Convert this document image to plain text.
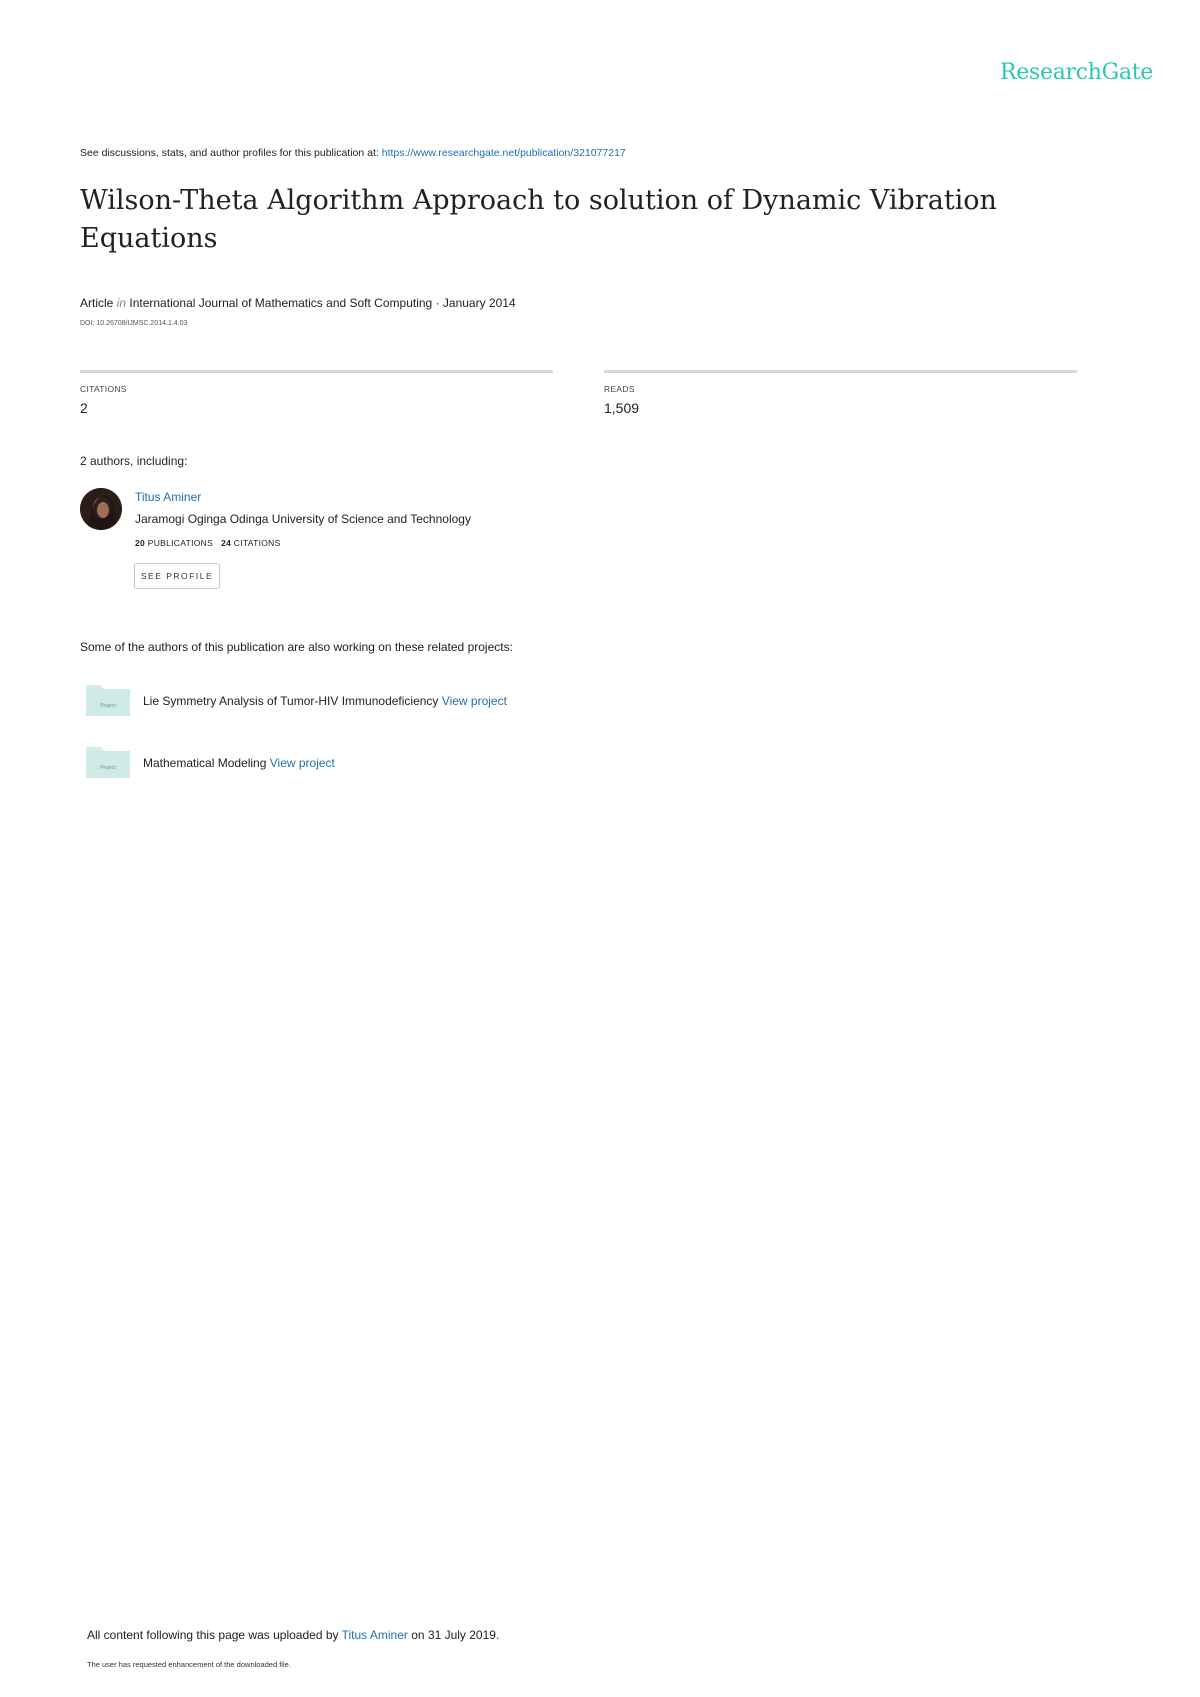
ResearchGate
See discussions, stats, and author profiles for this publication at: https://www.researchgate.net/publication/321077217
Wilson-Theta Algorithm Approach to solution of Dynamic Vibration Equations
Article in International Journal of Mathematics and Soft Computing · January 2014
DOI: 10.26708/IJMSC.2014.1.4.03
CITATIONS
2
READS
1,509
2 authors, including:
Titus Aminer
Jaramogi Oginga Odinga University of Science and Technology
20 PUBLICATIONS 24 CITATIONS
SEE PROFILE
Some of the authors of this publication are also working on these related projects:
Project Lie Symmetry Analysis of Tumor-HIV Immunodeficiency View project
Project Mathematical Modeling View project
All content following this page was uploaded by Titus Aminer on 31 July 2019.
The user has requested enhancement of the downloaded file.
